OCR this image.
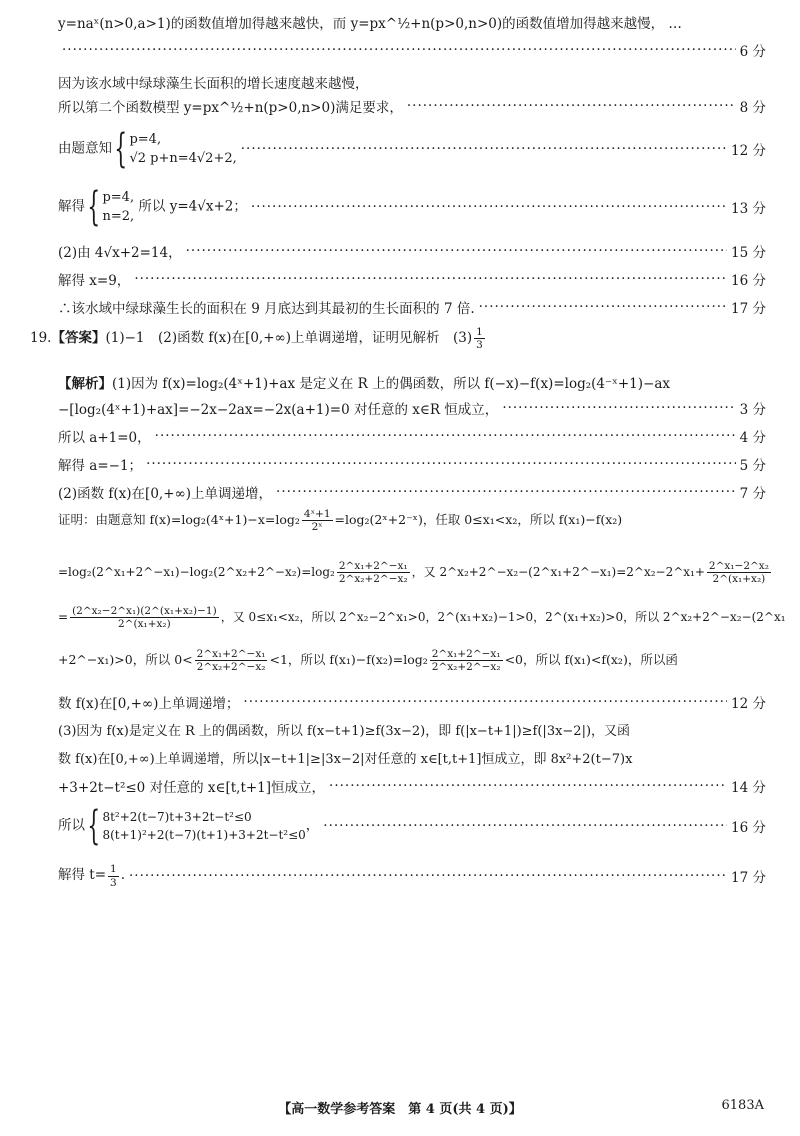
y=naˣ(n>0,a>1)的函数值增加得越来越快，而 y=px^½+n(p>0,n>0)的函数值增加得越来越慢， …
·····
6 分
因为该水域中绿球藻生长面积的增长速度越来越慢，
所以第二个函数模型 y=px^½+n(p>0,n>0)满足要求， ·····	8 分
由题意知{ p=4,
√2 p+n=4√2+2, ·····	12 分
解得{ p=4,
n=2,
所以 y=4√x+2； ·····	13 分
(2)由 4√x+2=14， ·····	15 分
解得 x=9， ·····	16 分
∴该水域中绿球藻生长的面积在 9 月底达到其最初的生长面积的 7 倍. ·····	17 分
19.【答案】(1)−1　(2)函数 f(x)在[0,+∞)上单调递增，证明见解析　$(3) \frac{1}{3}$
【解析】(1)因为 f(x)=log₂(4ˣ+1)+ax 是定义在 R 上的偶函数，所以 f(−x)−f(x)=log₂(4⁻ˣ+1)−ax
−[log₂(4ˣ+1)+ax]=−2x−2ax=−2x(a+1)=0 对任意的 x∈R 恒成立， ·····	3 分
所以 a+1=0， ·····	4 分
解得 a=−1； ·····	5 分
(2)函数 f(x)在[0,+∞)上单调递增， ·····	7 分
证明：由题意知 f(x)=log₂(4ˣ+1)−x=log₂ $\frac{\text{4ˣ+1}}{\text{2ˣ}}$ =log₂(2ˣ+2⁻ˣ)，任取 0≤x₁<x₂，所以 f(x₁)−f(x₂)
=log₂(2^x₁+2^−x₁)−log₂(2^x₂+2^−x₂)=log₂ $\frac{\text{2\textasciicircum{}x₁+2\textasciicircum{}−x₁}}{\text{2\textasciicircum{}x₂+2\textasciicircum{}−x₂}}$ ，又 2^x₂+2^−x₂−(2^x₁+2^−x₁)=2^x₂−2^x₁+ $\frac{\text{2\textasciicircum{}x₁−2\textasciicircum{}x₂}}{\text{2\textasciicircum{}(x₁+x₂)}}$
= $\frac{\text{(2\textasciicircum{}x₂−2\textasciicircum{}x₁)(2\textasciicircum{}(x₁+x₂)−1)}}{\text{2\textasciicircum{}(x₁+x₂)}}$ ，又 0≤x₁<x₂，所以 2^x₂−2^x₁>0，2^(x₁+x₂)−1>0，2^(x₁+x₂)>0，所以 2^x₂+2^−x₂−(2^x₁
+2^−x₁)>0，所以 $0< \frac{\text{2\textasciicircum{}x₁+2\textasciicircum{}−x₁}}{\text{2\textasciicircum{}x₂+2\textasciicircum{}−x₂}} <1$，所以 $f(x_1)-f(x_2)=\log_2 \frac{\text{2\textasciicircum{}x₁+2\textasciicircum{}−x₁}}{\text{2\textasciicircum{}x₂+2\textasciicircum{}−x₂}} <0$，所以 f(x₁)<f(x₂)，所以函
数 f(x)在[0,+∞)上单调递增； ·····	12 分
(3)因为 f(x)是定义在 R 上的偶函数，所以 f(x−t+1)≥f(3x−2)，即 f(|x−t+1|)≥f(|3x−2|)，又函
数 f(x)在[0,+∞)上单调递增，所以|x−t+1|≥|3x−2|对任意的 x∈[t,t+1]恒成立，即 8x²+2(t−7)x
+3+2t−t²≤0 对任意的 x∈[t,t+1]恒成立， ·····	14 分
所以{ 8t²+2(t−7)t+3+2t−t²≤0
8(t+1)²+2(t−7)(t+1)+3+2t−t²≤0
， ·····	16 分
解得 $t= \frac{1}{3}$ . ·····	17 分
【高一数学参考答案　第 4 页(共 4 页)】	6183A
